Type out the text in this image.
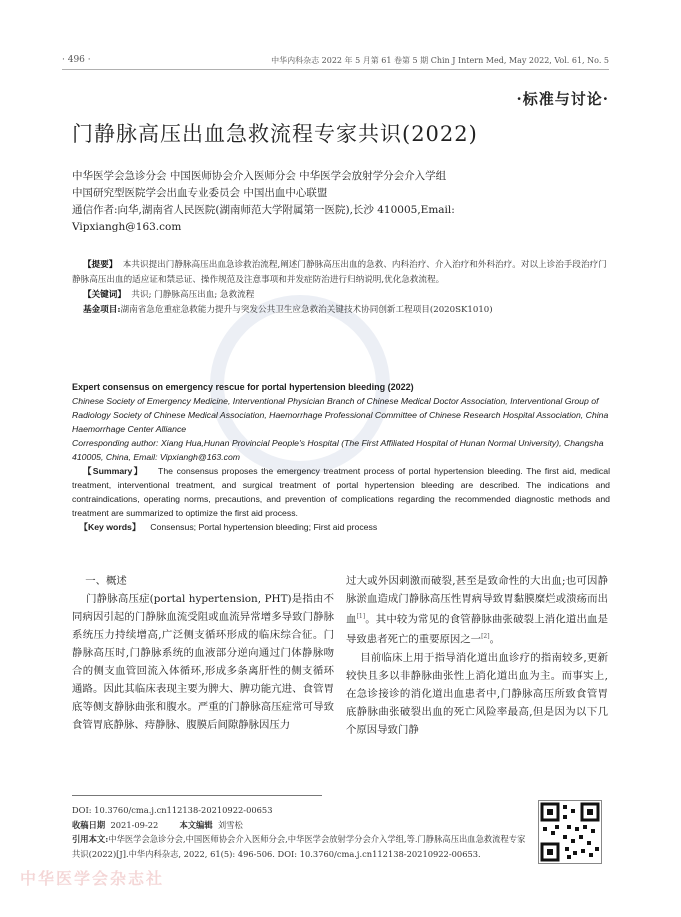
· 496 ·	中华内科杂志 2022 年 5 月第 61 卷第 5 期 Chin J Intern Med, May 2022, Vol. 61, No. 5
·标准与讨论·
门静脉高压出血急救流程专家共识(2022)

中华医学会急诊分会 中国医师协会介入医师分会 中华医学会放射学分会介入学组

中国研究型医院学会出血专业委员会 中国出血中心联盟

通信作者:向华,湖南省人民医院(湖南师范大学附属第一医院),长沙 410005,Email:

Vipxiangh@163.com

【提要】 本共识提出门静脉高压出血急诊救治流程,阐述门静脉高压出血的急救、内科治疗、介入治疗和外科治疗。对以上诊治手段治疗门静脉高压出血的适应证和禁忌证、操作规范及注意事项和并发症防治进行归纳说明,优化急救流程。

【关键词】 共识; 门静脉高压出血; 急救流程

基金项目:湖南省急危重症急救能力提升与突发公共卫生应急救治关键技术协同创新工程项目(2020SK1010)

Expert consensus on emergency rescue for portal hypertension bleeding (2022)

Chinese Society of Emergency Medicine, Interventional Physician Branch of Chinese Medical Doctor Association, Interventional Group of Radiology Society of Chinese Medical Association, Haemorrhage Professional Committee of Chinese Research Hospital Association, China Haemorrhage Center Alliance

Corresponding author: Xiang Hua,Hunan Provincial People's Hospital (The First Affiliated Hospital of Hunan Normal University), Changsha 410005, China, Email: Vipxiangh@163.com

【Summary】 The consensus proposes the emergency treatment process of portal hypertension bleeding. The first aid, medical treatment, interventional treatment, and surgical treatment of portal hypertension bleeding are described. The indications and contraindications, operating norms, precautions, and prevention of complications regarding the recommended diagnostic methods and treatment are summarized to optimize the first aid process.

【Key words】 Consensus; Portal hypertension bleeding; First aid process

一、概述

门静脉高压症(portal hypertension, PHT)是指由不同病因引起的门静脉血流受阻或血流异常增多导致门静脉系统压力持续增高,广泛侧支循环形成的临床综合征。门静脉高压时,门静脉系统的血液部分逆向通过门体静脉吻合的侧支血管回流入体循环,形成多条离肝性的侧支循环通路。因此其临床表现主要为脾大、脾功能亢进、食管胃底等侧支静脉曲张和腹水。严重的门静脉高压症常可导致食管胃底静脉、痔静脉、腹膜后间隙静脉因压力

过大或外因刺激而破裂,甚至是致命性的大出血;也可因静脉淤血造成门静脉高压性胃病导致胃黏膜糜烂或溃疡而出血[1]。其中较为常见的食管静脉曲张破裂上消化道出血是导致患者死亡的重要原因之一[2]。

目前临床上用于指导消化道出血诊疗的指南较多,更新较快且多以非静脉曲张性上消化道出血为主。而事实上,在急诊接诊的消化道出血患者中,门静脉高压所致食管胃底静脉曲张破裂出血的死亡风险率最高,但是因为以下几个原因导致门静

DOI: 10.3760/cma.j.cn112138-20210922-00653

收稿日期 2021-09-22	本文编辑 刘雪松

引用本文:中华医学会急诊分会,中国医师协会介入医师分会,中华医学会放射学分会介入学组,等.门静脉高压出血急救流程专家共识(2022)[J].中华内科杂志, 2022, 61(5): 496-506. DOI: 10.3760/cma.j.cn112138-20210922-00653.

中华医学会杂志社
